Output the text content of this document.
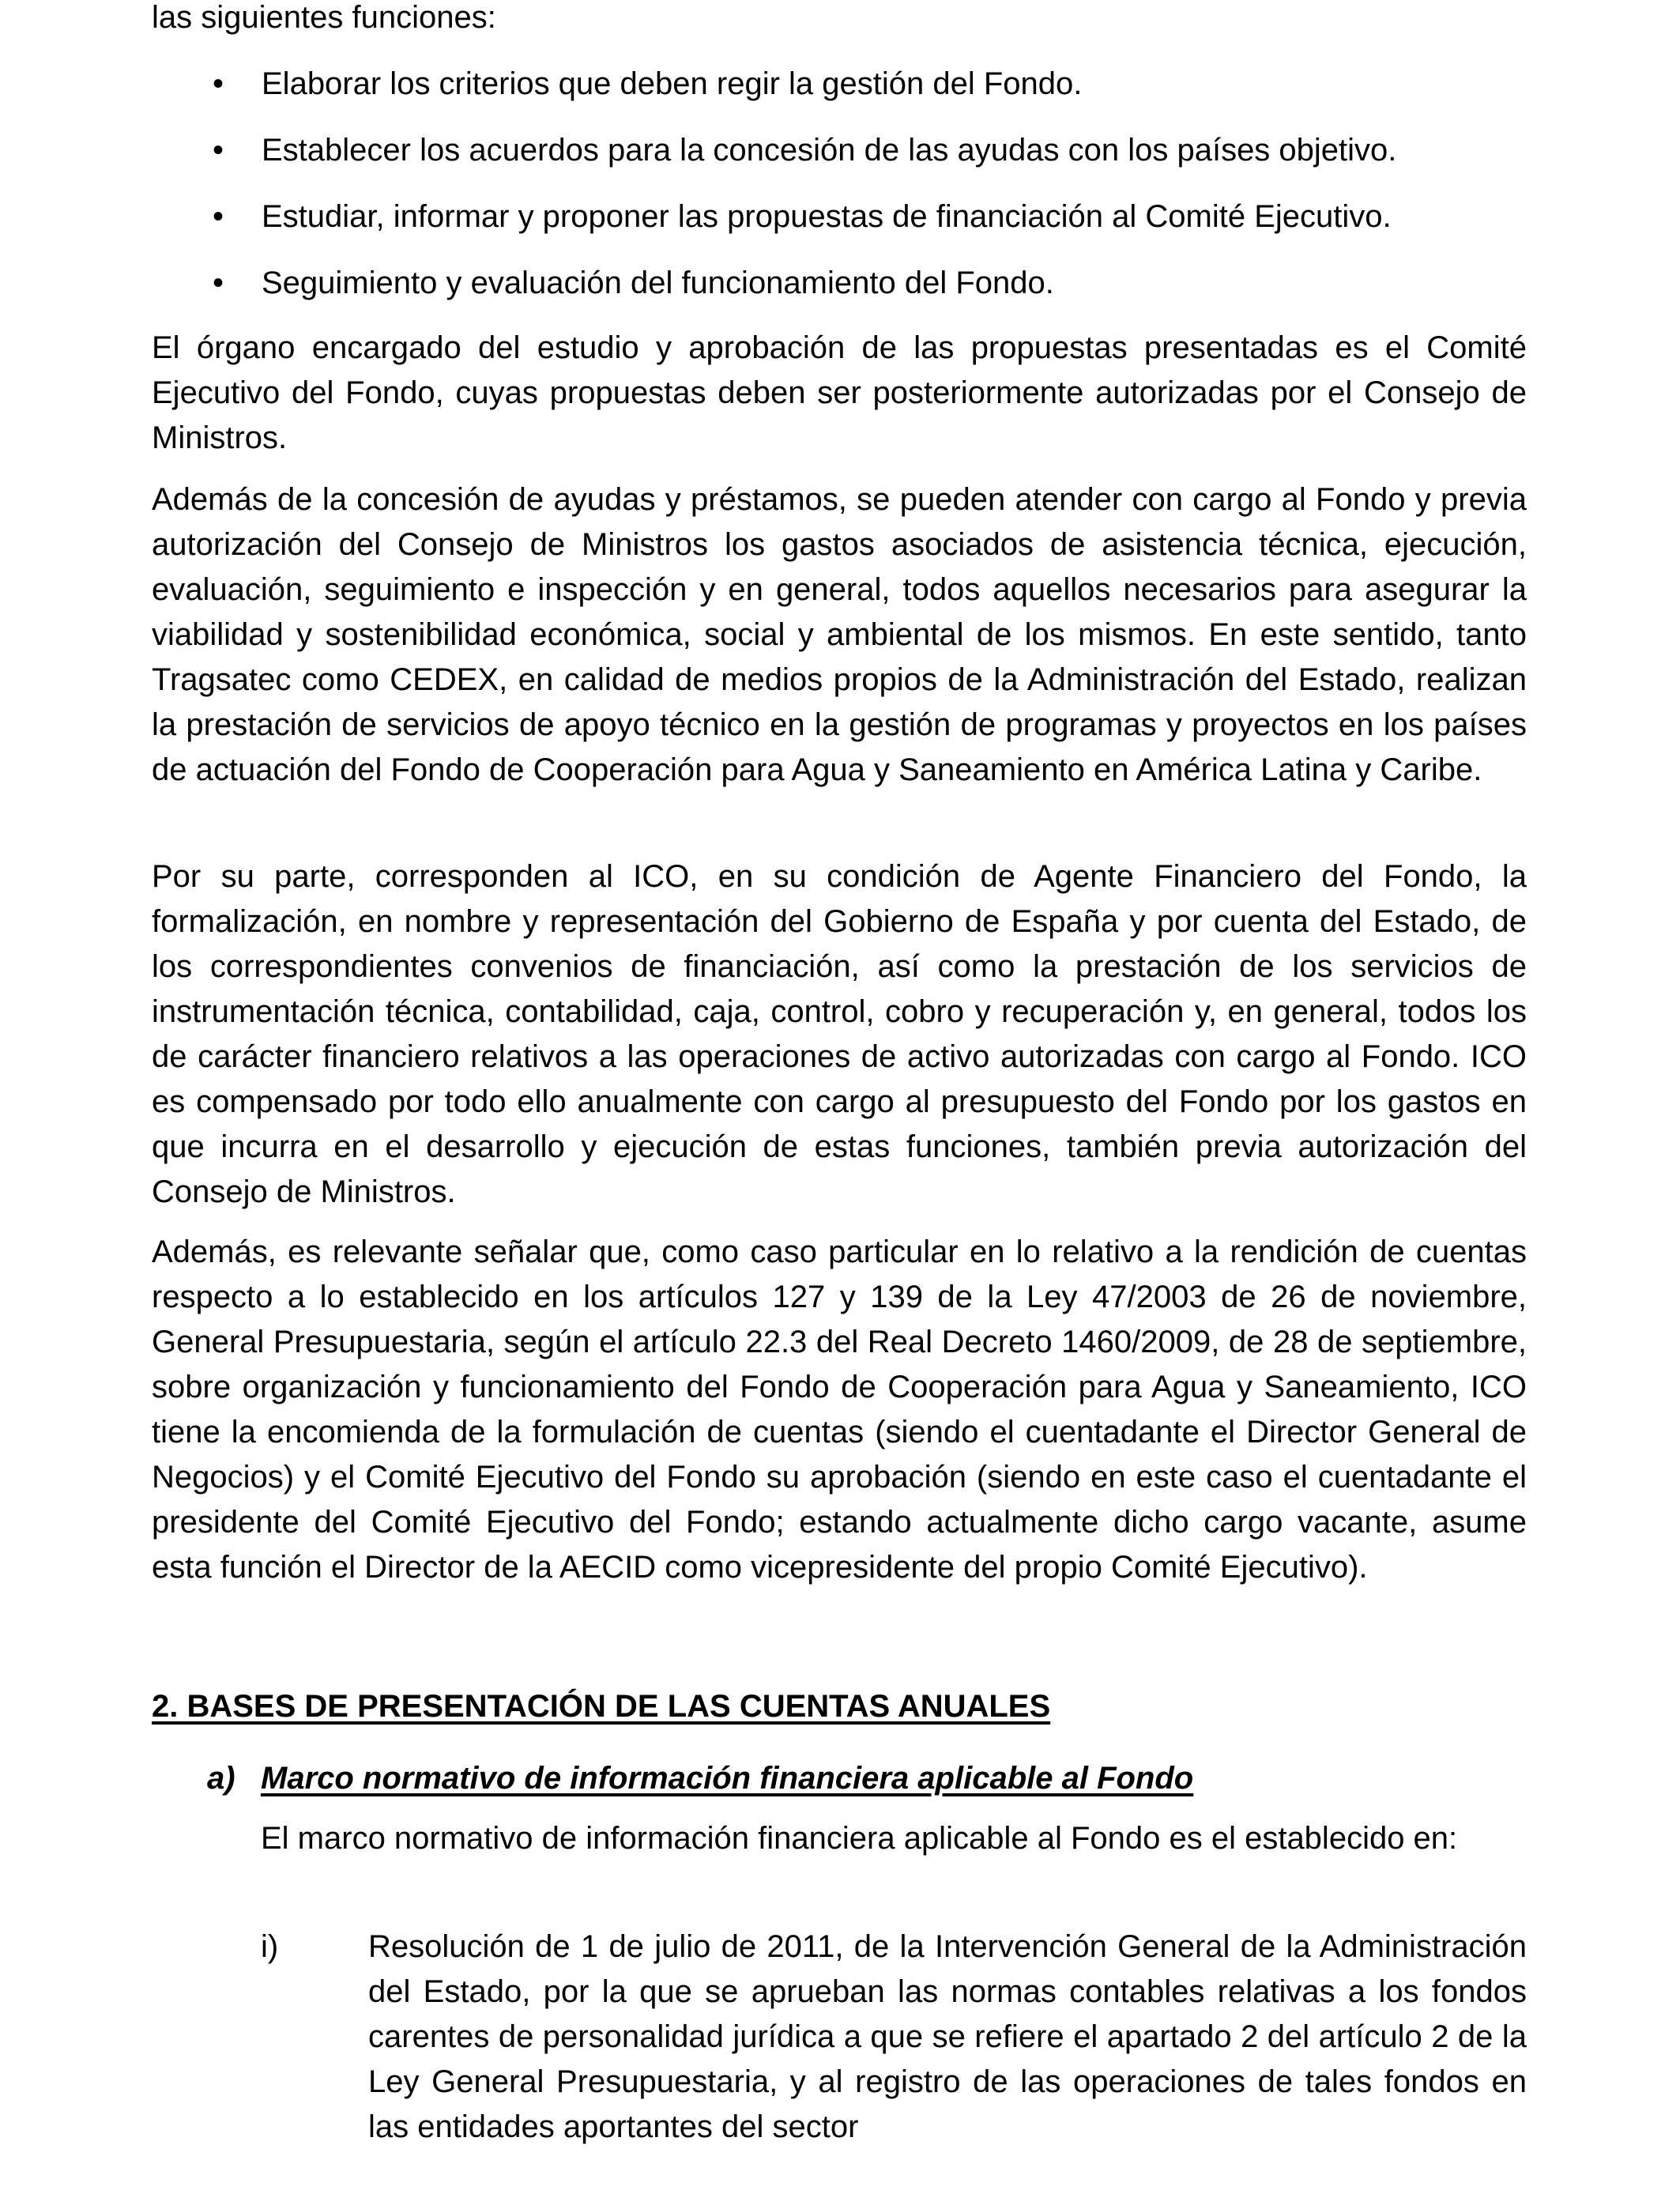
las siguientes funciones:

• Elaborar los criterios que deben regir la gestión del Fondo.
• Establecer los acuerdos para la concesión de las ayudas con los países objetivo.
• Estudiar, informar y proponer las propuestas de financiación al Comité Ejecutivo.
• Seguimiento y evaluación del funcionamiento del Fondo.

El órgano encargado del estudio y aprobación de las propuestas presentadas es el Comité Ejecutivo del Fondo, cuyas propuestas deben ser posteriormente autorizadas por el Consejo de Ministros.

Además de la concesión de ayudas y préstamos, se pueden atender con cargo al Fondo y previa autorización del Consejo de Ministros los gastos asociados de asistencia técnica, ejecución, evaluación, seguimiento e inspección y en general, todos aquellos necesarios para asegurar la viabilidad y sostenibilidad económica, social y ambiental de los mismos. En este sentido, tanto Tragsatec como CEDEX, en calidad de medios propios de la Administración del Estado, realizan la prestación de servicios de apoyo técnico en la gestión de programas y proyectos en los países de actuación del Fondo de Cooperación para Agua y Saneamiento en América Latina y Caribe.

Por su parte, corresponden al ICO, en su condición de Agente Financiero del Fondo, la formalización, en nombre y representación del Gobierno de España y por cuenta del Estado, de los correspondientes convenios de financiación, así como la prestación de los servicios de instrumentación técnica, contabilidad, caja, control, cobro y recuperación y, en general, todos los de carácter financiero relativos a las operaciones de activo autorizadas con cargo al Fondo. ICO es compensado por todo ello anualmente con cargo al presupuesto del Fondo por los gastos en que incurra en el desarrollo y ejecución de estas funciones, también previa autorización del Consejo de Ministros.

Además, es relevante señalar que, como caso particular en lo relativo a la rendición de cuentas respecto a lo establecido en los artículos 127 y 139 de la Ley 47/2003 de 26 de noviembre, General Presupuestaria, según el artículo 22.3 del Real Decreto 1460/2009, de 28 de septiembre, sobre organización y funcionamiento del Fondo de Cooperación para Agua y Saneamiento, ICO tiene la encomienda de la formulación de cuentas (siendo el cuentadante el Director General de Negocios) y el Comité Ejecutivo del Fondo su aprobación (siendo en este caso el cuentadante el presidente del Comité Ejecutivo del Fondo; estando actualmente dicho cargo vacante, asume esta función el Director de la AECID como vicepresidente del propio Comité Ejecutivo).

2. BASES DE PRESENTACIÓN DE LAS CUENTAS ANUALES
a) Marco normativo de información financiera aplicable al Fondo

El marco normativo de información financiera aplicable al Fondo es el establecido en:

i)	Resolución de 1 de julio de 2011, de la Intervención General de la Administración del Estado, por la que se aprueban las normas contables relativas a los fondos carentes de personalidad jurídica a que se refiere el apartado 2 del artículo 2 de la Ley General Presupuestaria, y al registro de las operaciones de tales fondos en las entidades aportantes del sector
